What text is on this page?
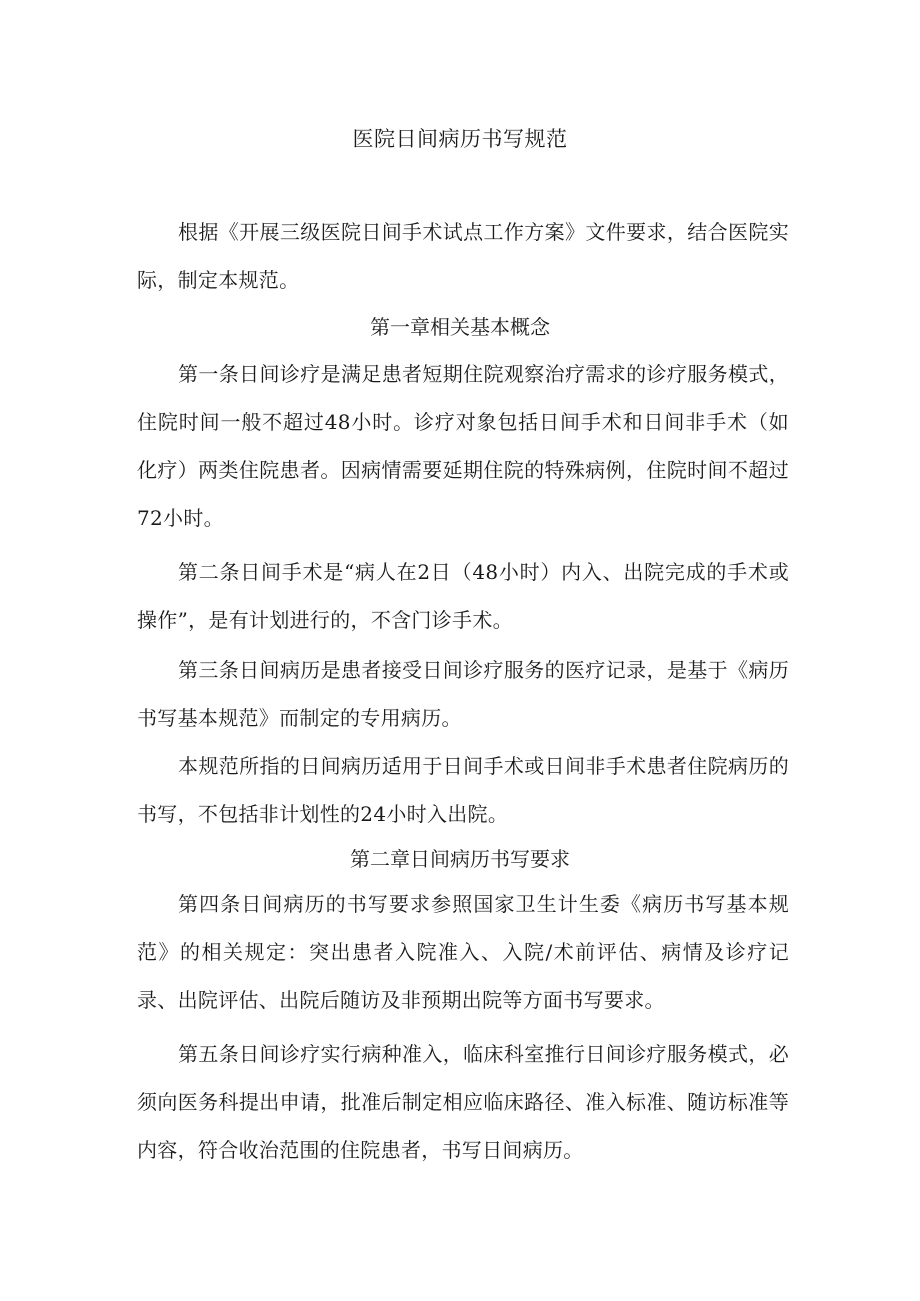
医院日间病历书写规范
根据《开展三级医院日间手术试点工作方案》文件要求，结合医院实际，制定本规范。
第一章相关基本概念
第一条日间诊疗是满足患者短期住院观察治疗需求的诊疗服务模式，住院时间一般不超过48小时。诊疗对象包括日间手术和日间非手术（如化疗）两类住院患者。因病情需要延期住院的特殊病例，住院时间不超过72小时。
第二条日间手术是“病人在2日（48小时）内入、出院完成的手术或操作”，是有计划进行的，不含门诊手术。
第三条日间病历是患者接受日间诊疗服务的医疗记录，是基于《病历书写基本规范》而制定的专用病历。
本规范所指的日间病历适用于日间手术或日间非手术患者住院病历的书写，不包括非计划性的24小时入出院。
第二章日间病历书写要求
第四条日间病历的书写要求参照国家卫生计生委《病历书写基本规范》的相关规定：突出患者入院准入、入院/术前评估、病情及诊疗记录、出院评估、出院后随访及非预期出院等方面书写要求。
第五条日间诊疗实行病种准入，临床科室推行日间诊疗服务模式，必须向医务科提出申请，批准后制定相应临床路径、准入标准、随访标准等内容，符合收治范围的住院患者，书写日间病历。
